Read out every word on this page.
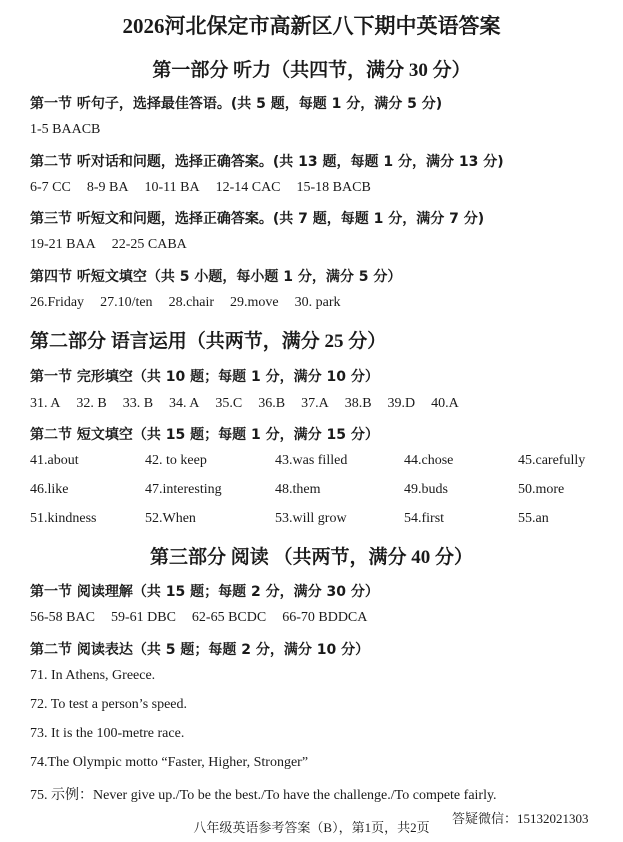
2026河北保定市高新区八下期中英语答案
第一部分 听力（共四节，满分 30 分）
第一节 听句子，选择最佳答语。(共 5 题，每题 1 分，满分 5 分)
1-5 BAACB
第二节 听对话和问题，选择正确答案。(共 13 题，每题 1 分，满分 13 分)
6-7 CC 8-9 BA 10-11 BA 12-14 CAC 15-18 BACB
第三节 听短文和问题，选择正确答案。(共 7 题，每题 1 分，满分 7 分)
19-21 BAA 22-25 CABA
第四节 听短文填空（共 5 小题，每小题 1 分，满分 5 分）
26.Friday 27.10/ten 28.chair 29.move 30. park
第二部分 语言运用（共两节，满分 25 分）
第一节 完形填空（共 10 题；每题 1 分，满分 10 分）
31. A 32. B 33. B 34. A 35.C 36.B 37.A 38.B 39.D 40.A
第二节 短文填空（共 15 题；每题 1 分，满分 15 分）
41.about	42. to keep	43.was filled	44.chose	45.carefully
46.like	47.interesting	48.them	49.buds	50.more
51.kindness	52.When	53.will grow	54.first	55.an
第三部分 阅读 （共两节，满分 40 分）
第一节 阅读理解（共 15 题；每题 2 分，满分 30 分）
56-58 BAC 59-61 DBC 62-65 BCDC 66-70 BDDCA
第二节 阅读表达（共 5 题；每题 2 分，满分 10 分）
71. In Athens, Greece.
72. To test a person’s speed.
73. It is the 100-metre race.
74.The Olympic motto “Faster, Higher, Stronger”
75. 示例：Never give up./To be the best./To have the challenge./To compete fairly.
答疑微信：15132021303
八年级英语参考答案（B），第1页，共2页
